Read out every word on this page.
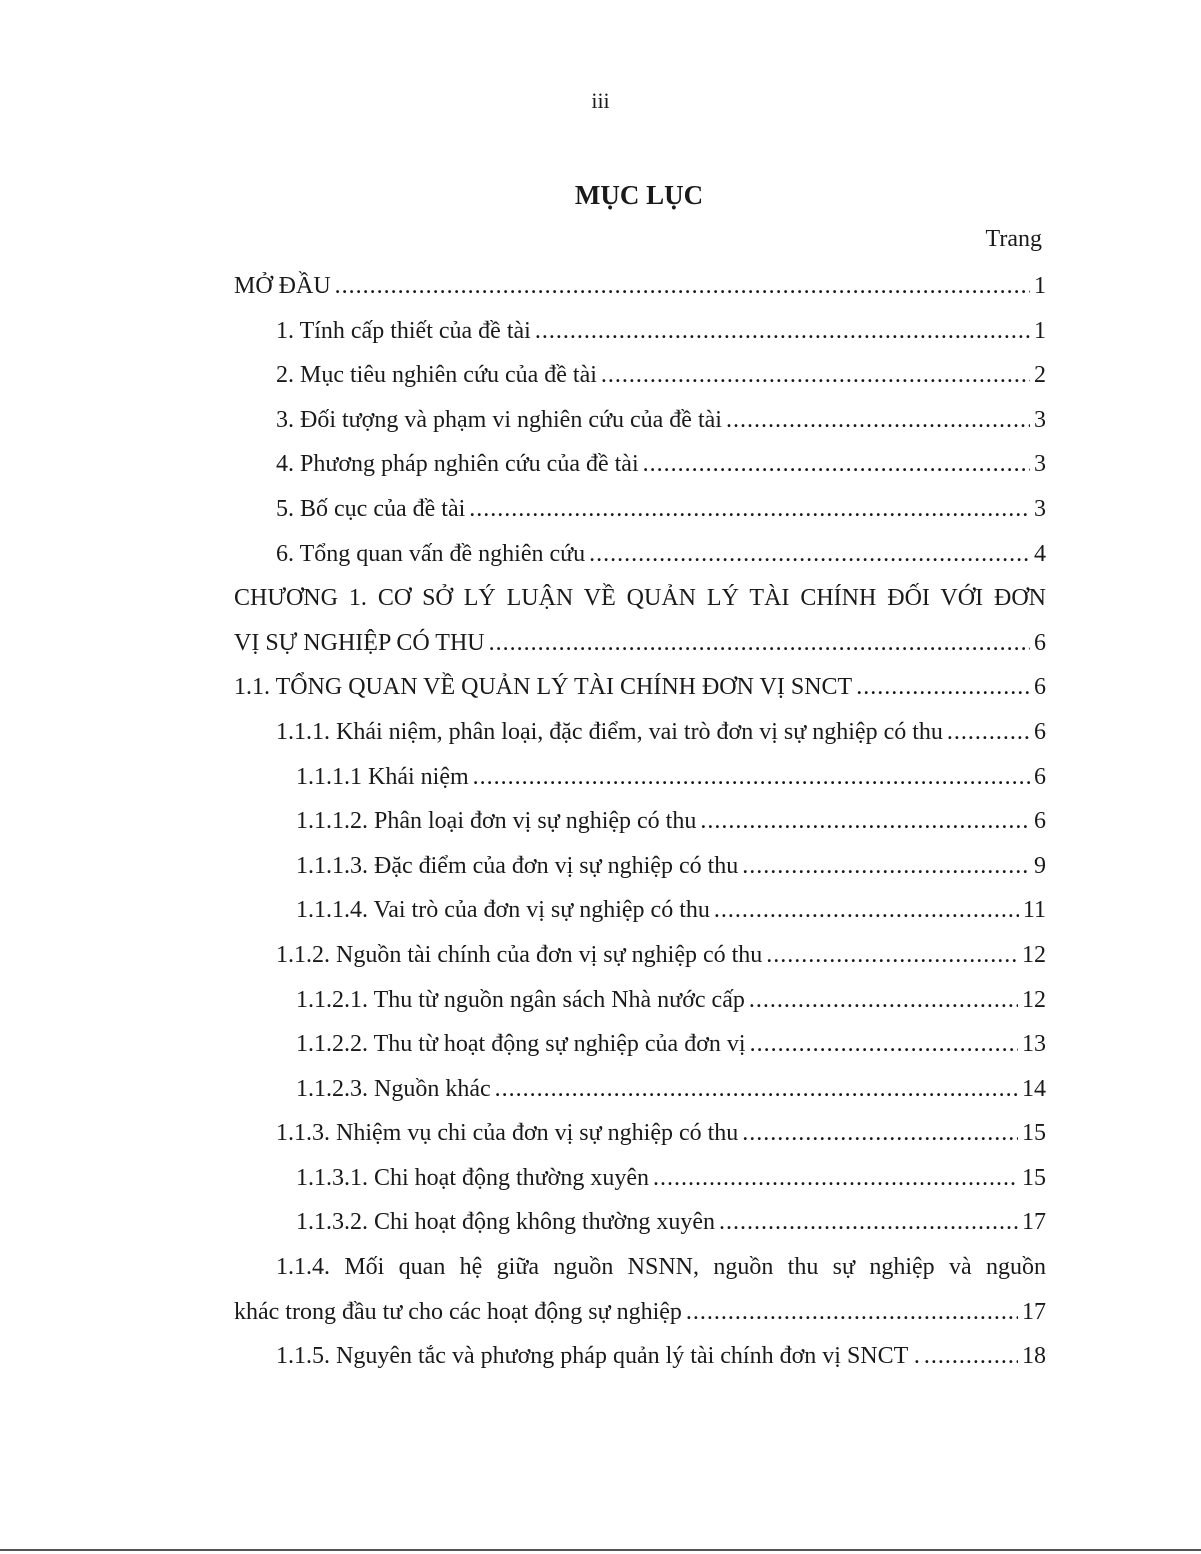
iii
MỤC LỤC
Trang
MỞ ĐẦU .....	1
1. Tính cấp thiết của đề tài .....	1
2. Mục tiêu nghiên cứu của đề tài .....	2
3. Đối tượng và phạm vi nghiên cứu của đề tài .....	3
4. Phương pháp nghiên cứu của đề tài .....	3
5. Bố cục của đề tài .....	3
6. Tổng quan vấn đề nghiên cứu .....	4
CHƯƠNG 1. CƠ SỞ LÝ LUẬN VỀ QUẢN LÝ TÀI CHÍNH ĐỐI VỚI ĐƠN
VỊ SỰ NGHIỆP CÓ THU .....	6
1.1. TỔNG QUAN VỀ QUẢN LÝ TÀI CHÍNH ĐƠN VỊ SNCT .....	6
1.1.1. Khái niệm, phân loại, đặc điểm, vai trò đơn vị sự nghiệp có thu .....	6
1.1.1.1 Khái niệm .....	6
1.1.1.2. Phân loại đơn vị sự nghiệp có thu .....	6
1.1.1.3. Đặc điểm của đơn vị sự nghiệp có thu .....	9
1.1.1.4. Vai trò của đơn vị sự nghiệp có thu .....	11
1.1.2. Nguồn tài chính của đơn vị sự nghiệp có thu .....	12
1.1.2.1. Thu từ nguồn ngân sách Nhà nước cấp .....	12
1.1.2.2. Thu từ hoạt động sự nghiệp của đơn vị .....	13
1.1.2.3. Nguồn khác .....	14
1.1.3. Nhiệm vụ chi của đơn vị sự nghiệp có thu .....	15
1.1.3.1. Chi hoạt động thường xuyên .....	15
1.1.3.2. Chi hoạt động không thường xuyên .....	17
1.1.4. Mối quan hệ giữa nguồn NSNN, nguồn thu sự nghiệp và nguồn
khác trong đầu tư cho các hoạt động sự nghiệp .....	17
1.1.5. Nguyên tắc và phương pháp quản lý tài chính đơn vị SNCT . .....	18
